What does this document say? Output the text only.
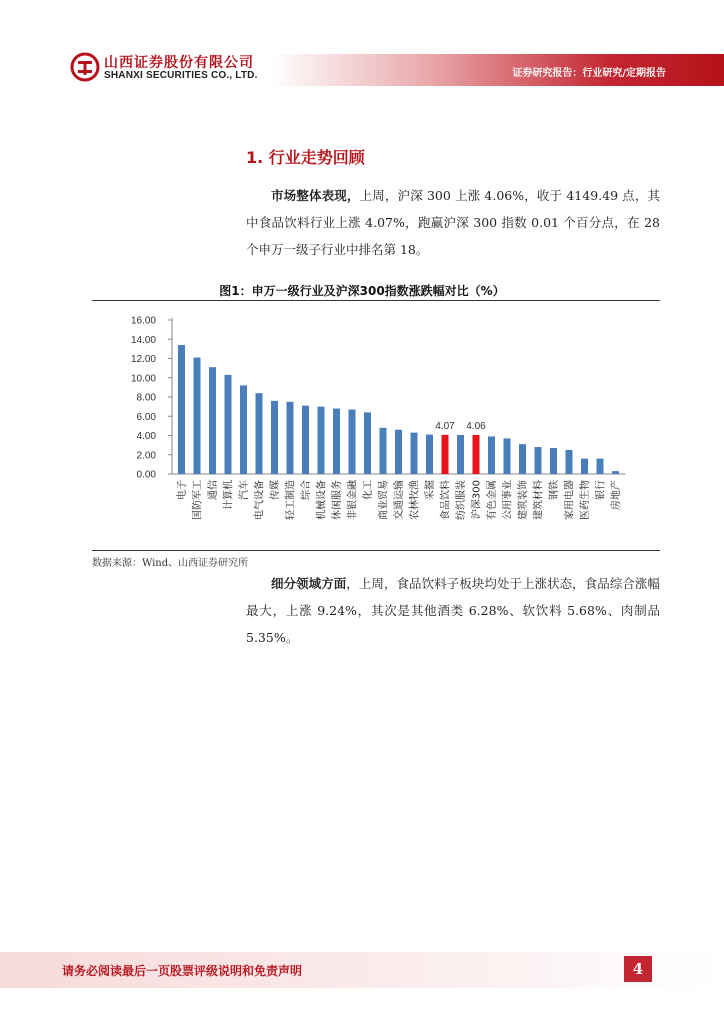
山西证券股份有限公司
SHANXI SECURITIES CO., LTD.	证券研究报告：行业研究/定期报告
1. 行业走势回顾
市场整体表现，上周，沪深 300 上涨 4.06%，收于 4149.49 点，其中食品饮料行业上涨 4.07%，跑赢沪深 300 指数 0.01 个百分点，在 28 个申万一级子行业中排名第 18。
图1：申万一级行业及沪深300指数涨跌幅对比（%）
0.00
2.00
4.00
6.00
8.00
10.00
12.00
14.00
16.00
电子 国防军工 通信 计算机 汽车 电气设备 传媒 轻工制造 综合 机械设备 休闲服务 非银金融 化工 商业贸易 交通运输 农林牧渔 采掘
4.07
食品饮料 纺织服装
4.06
沪深300 有色金属 公用事业 建筑装饰 建筑材料 钢铁 家用电器 医药生物 银行 房地产
数据来源：Wind、山西证券研究所
细分领域方面，上周，食品饮料子板块均处于上涨状态，食品综合涨幅最大，上涨 9.24%，其次是其他酒类 6.28%、软饮料 5.68%、肉制品 5.35%。
请务必阅读最后一页股票评级说明和免责声明	4
